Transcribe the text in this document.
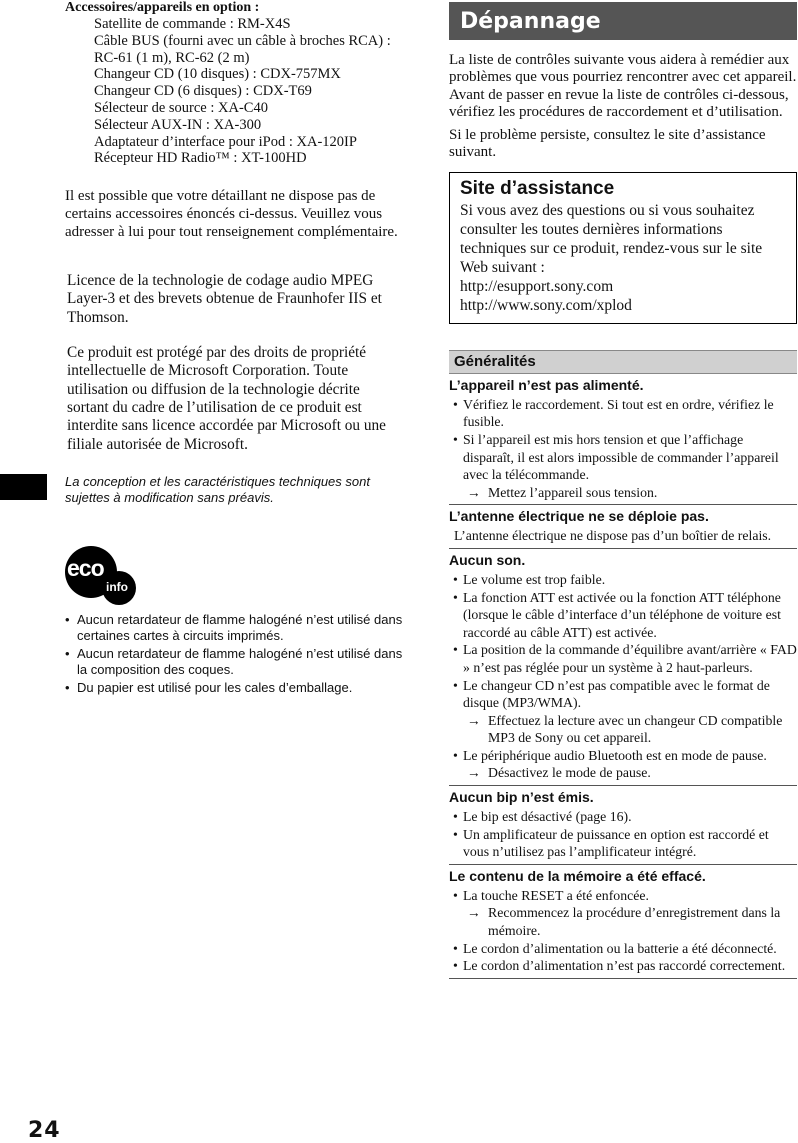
Accessoires/appareils en option :

Satellite de commande : RM-X4S
Câble BUS (fourni avec un câble à broches RCA) :
RC-61 (1 m), RC-62 (2 m)
Changeur CD (10 disques) : CDX-757MX
Changeur CD (6 disques) : CDX-T69
Sélecteur de source : XA-C40
Sélecteur AUX-IN : XA-300
Adaptateur d’interface pour iPod : XA-120IP
Récepteur HD Radio™ : XT-100HD

Il est possible que votre détaillant ne dispose pas de certains accessoires énoncés ci-dessus. Veuillez vous adresser à lui pour tout renseignement complémentaire.

Licence de la technologie de codage audio MPEG Layer-3 et des brevets obtenue de Fraunhofer IIS et Thomson.

Ce produit est protégé par des droits de propriété intellectuelle de Microsoft Corporation. Toute utilisation ou diffusion de la technologie décrite sortant du cadre de l’utilisation de ce produit est interdite sans licence accordée par Microsoft ou une filiale autorisée de Microsoft.

La conception et les caractéristiques techniques sont sujettes à modification sans préavis.

eco
info
• Aucun retardateur de flamme halogéné n’est utilisé dans certaines cartes à circuits imprimés.
• Aucun retardateur de flamme halogéné n’est utilisé dans la composition des coques.
• Du papier est utilisé pour les cales d’emballage.
24
Dépannage

La liste de contrôles suivante vous aidera à remédier aux problèmes que vous pourriez rencontrer avec cet appareil.

Avant de passer en revue la liste de contrôles ci-dessous, vérifiez les procédures de raccordement et d’utilisation.

Si le problème persiste, consultez le site d’assistance suivant.

Site d’assistance

Si vous avez des questions ou si vous souhaitez consulter les toutes dernières informations techniques sur ce produit, rendez-vous sur le site Web suivant :

http://esupport.sony.com

http://www.sony.com/xplod

Généralités
L’appareil n’est pas alimenté.
• Vérifiez le raccordement. Si tout est en ordre, vérifiez le fusible.
• Si l’appareil est mis hors tension et que l’affichage disparaît, il est alors impossible de commander l’appareil avec la télécommande.
→ Mettez l’appareil sous tension.
L’antenne électrique ne se déploie pas.

L’antenne électrique ne dispose pas d’un boîtier de relais.

Aucun son.
• Le volume est trop faible.
• La fonction ATT est activée ou la fonction ATT téléphone (lorsque le câble d’interface d’un téléphone de voiture est raccordé au câble ATT) est activée.
• La position de la commande d’équilibre avant/arrière « FAD » n’est pas réglée pour un système à 2 haut-parleurs.
• Le changeur CD n’est pas compatible avec le format de disque (MP3/WMA).
→ Effectuez la lecture avec un changeur CD compatible MP3 de Sony ou cet appareil.
• Le périphérique audio Bluetooth est en mode de pause.
→ Désactivez le mode de pause.
Aucun bip n’est émis.
• Le bip est désactivé (page 16).
• Un amplificateur de puissance en option est raccordé et vous n’utilisez pas l’amplificateur intégré.
Le contenu de la mémoire a été effacé.
• La touche RESET a été enfoncée.
→ Recommencez la procédure d’enregistrement dans la mémoire.
• Le cordon d’alimentation ou la batterie a été déconnecté.
• Le cordon d’alimentation n’est pas raccordé correctement.
